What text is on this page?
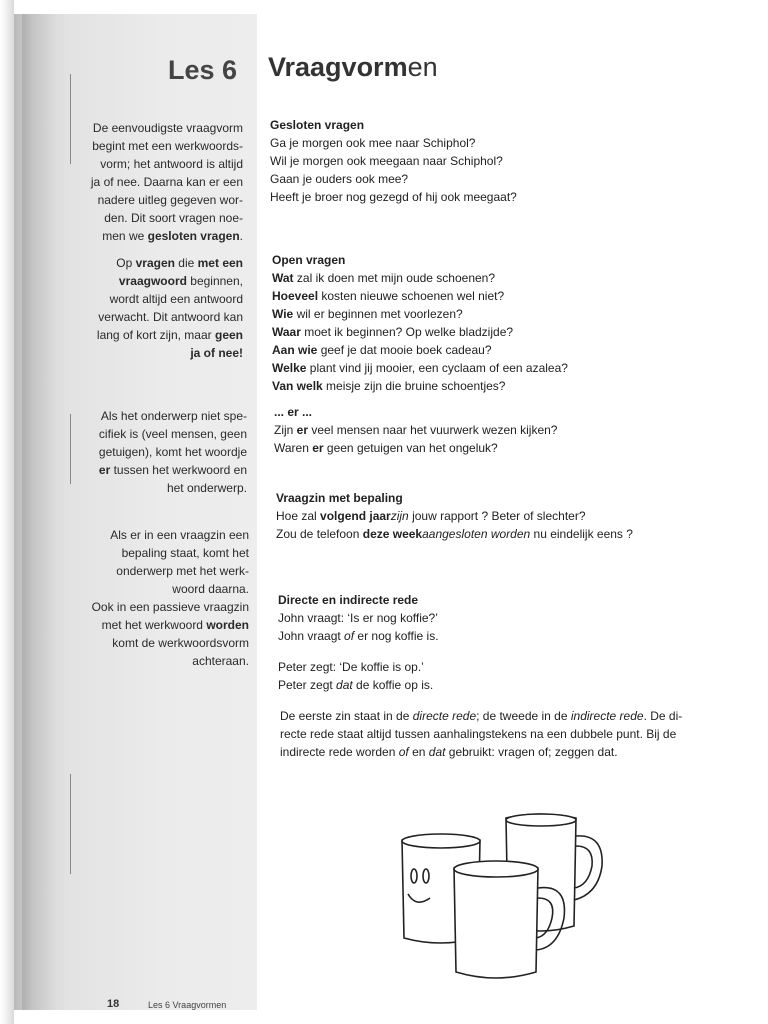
Les 6 Vraagvormen
De eenvoudigste vraagvorm
begint met een werkwoords-
vorm; het antwoord is altijd
ja of nee. Daarna kan er een
nadere uitleg gegeven wor-
den. Dit soort vragen noe-
men we gesloten vragen.
Op vragen die met een
vraagwoord beginnen,
wordt altijd een antwoord
verwacht. Dit antwoord kan
lang of kort zijn, maar geen
ja of nee!
Als het onderwerp niet spe-
cifiek is (veel mensen, geen
getuigen), komt het woordje
er tussen het werkwoord en
het onderwerp.
Als er in een vraagzin een
bepaling staat, komt het
onderwerp met het werk-
woord daarna.
Ook in een passieve vraagzin
met het werkwoord worden
komt de werkwoordsvorm
achteraan.
Gesloten vragen
Ga je morgen ook mee naar Schiphol?
Wil je morgen ook meegaan naar Schiphol?
Gaan je ouders ook mee?
Heeft je broer nog gezegd of hij ook meegaat?
Open vragen
Wat zal ik doen met mijn oude schoenen?
Hoeveel kosten nieuwe schoenen wel niet?
Wie wil er beginnen met voorlezen?
Waar moet ik beginnen? Op welke bladzijde?
Aan wie geef je dat mooie boek cadeau?
Welke plant vind jij mooier, een cyclaam of een azalea?
Van welk meisje zijn die bruine schoentjes?
... er ...
Zijn er veel mensen naar het vuurwerk wezen kijken?
Waren er geen getuigen van het ongeluk?
Vraagzin met bepaling
Hoe zal volgend jaarzijn jouw rapport ? Beter of slechter?
Zou de telefoon deze weekaangesloten worden nu eindelijk eens ?
Directe en indirecte rede
John vraagt: ‘Is er nog koffie?’
John vraagt of er nog koffie is.
Peter zegt: ‘De koffie is op.’
Peter zegt dat de koffie op is.
De eerste zin staat in de directe rede; de tweede in de indirecte rede. De di-
recte rede staat altijd tussen aanhalingstekens na een dubbele punt. Bij de
indirecte rede worden of en dat gebruikt: vragen of; zeggen dat.
18	Les 6 Vraagvormen
